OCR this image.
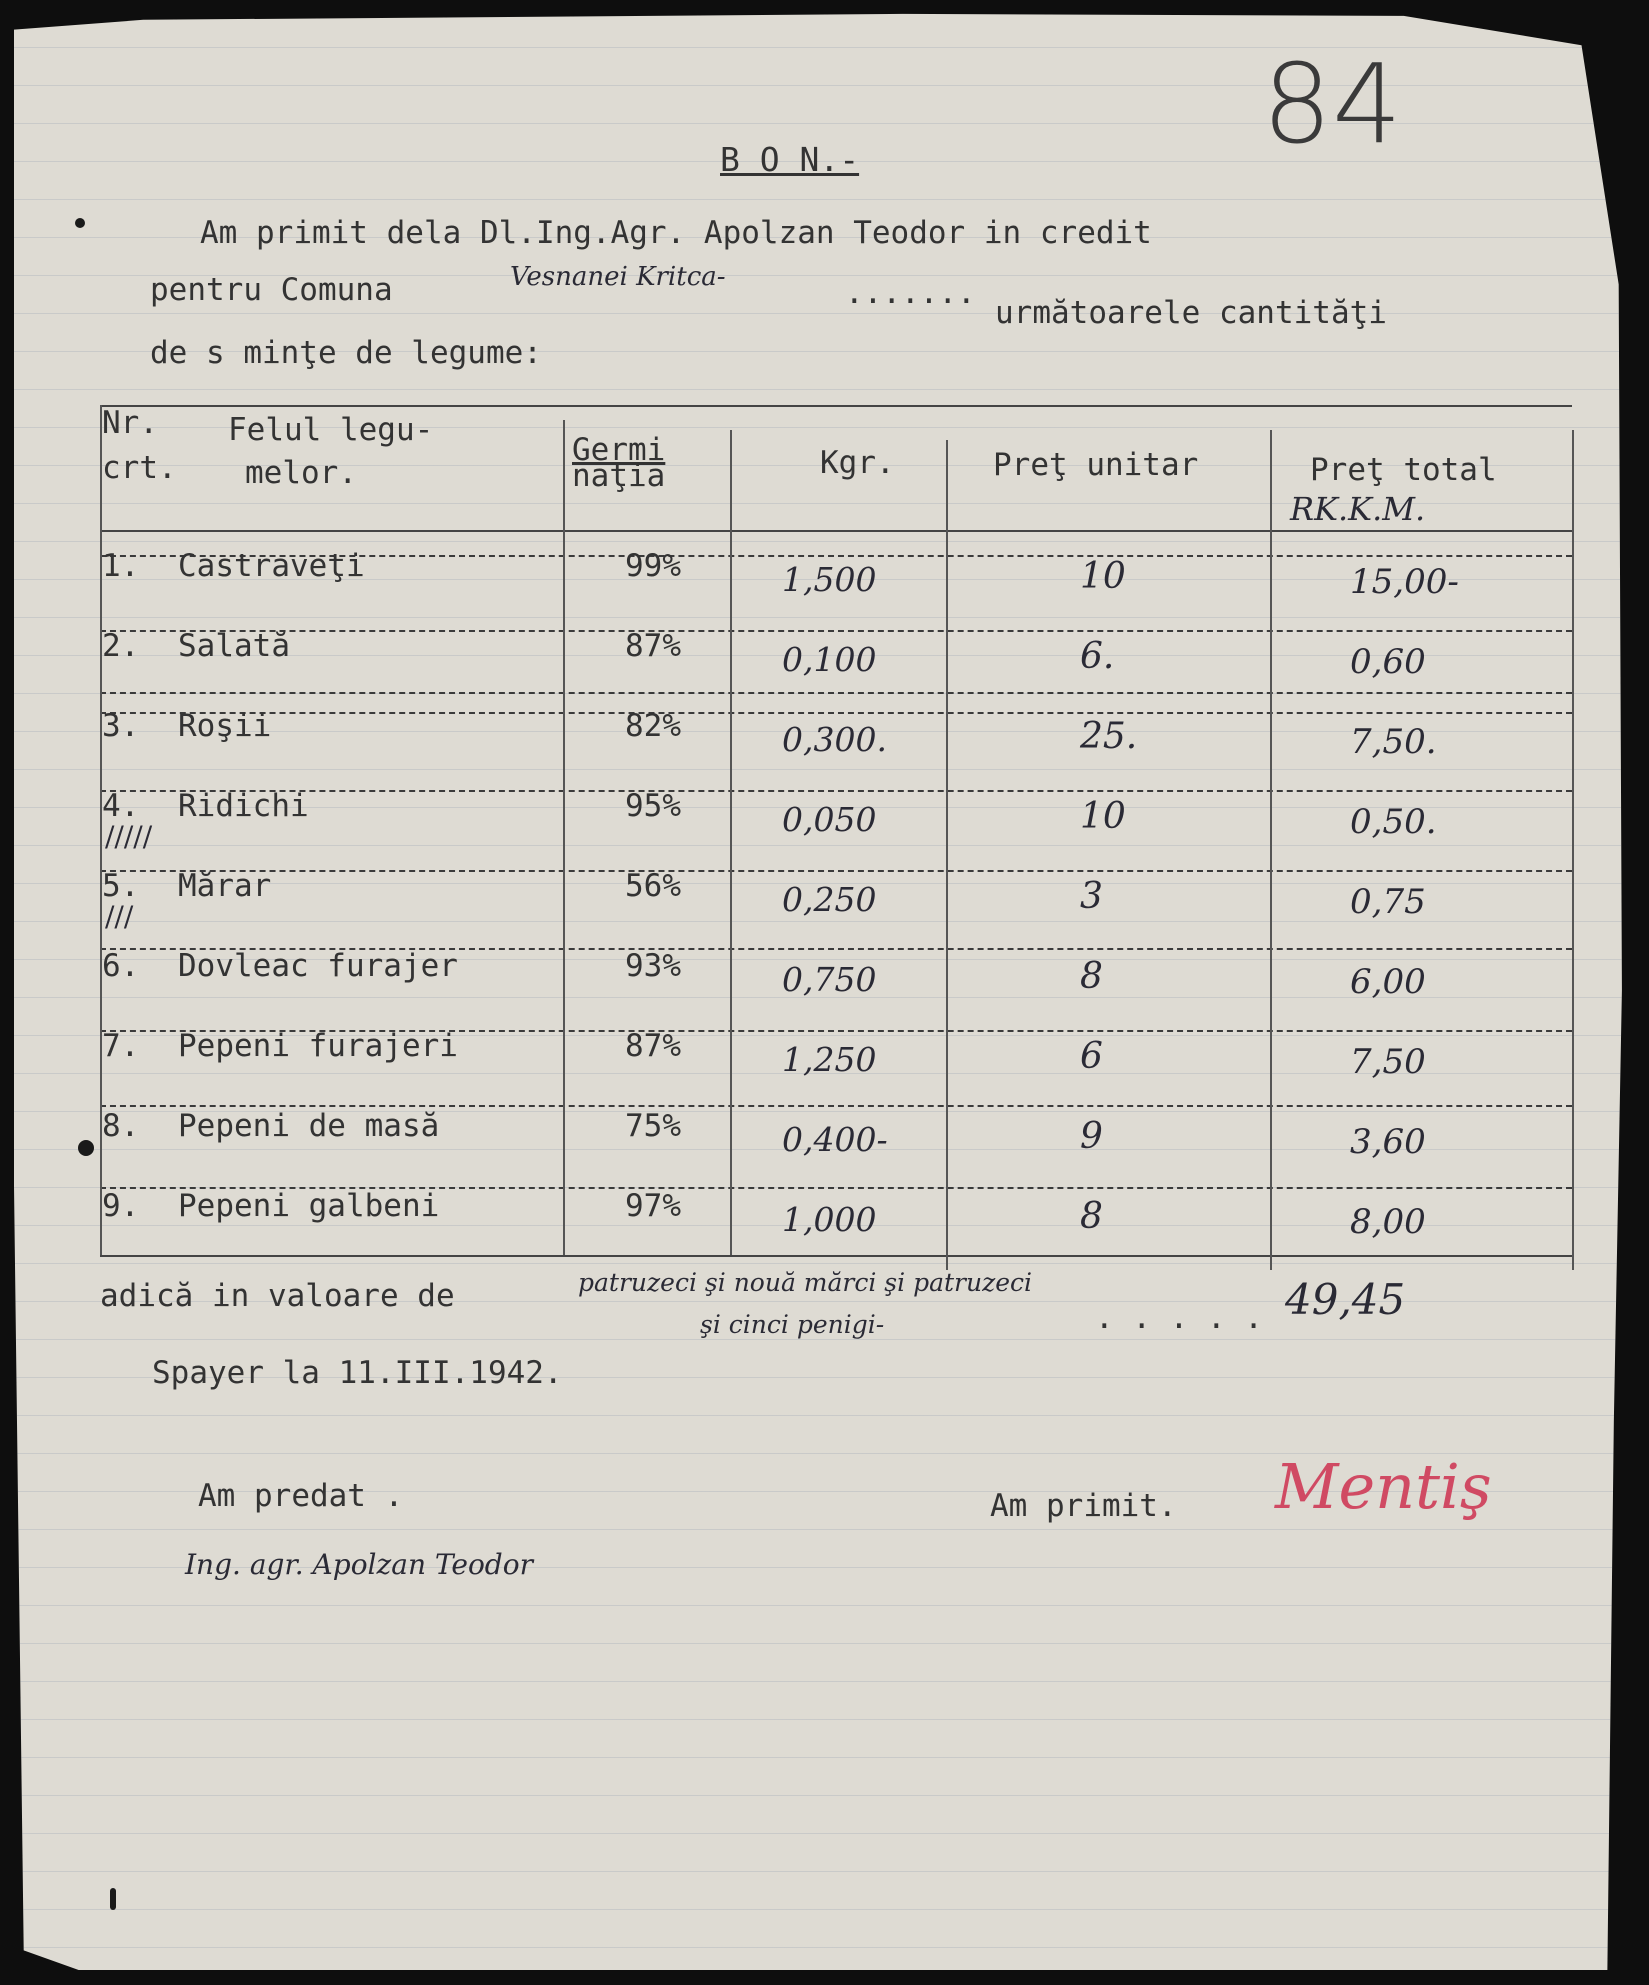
84
B O N.-
Am primit dela Dl.Ing.Agr. Apolzan Teodor in credit
pentru Comuna	Vesnanei Kritca-	.......
următoarele cantităţi
de s minţe de legume:
Nr.
crt.
Felul legu-
melor.
Germi
naţia	Kgr.	Preţ unitar	Preţ total
RK.K.M.
1. Castraveţi	99%	1,500	10	15,00-
2. Salată	87%	0,100	6.	0,60
3. Roşii	82%	0,300.	25.	7,50.
4. Ridichi	95%	0,050	10	0,50.
5. Mărar	56%	0,250	3	0,75
6. Dovleac furajer	93%	0,750	8	6,00
7. Pepeni furajeri	87%	1,250	6	7,50
8. Pepeni de masă	75%	0,400-	9	3,60
9. Pepeni galbeni	97%	1,000	8	8,00
/////
///
adică in valoare de	patruzeci şi nouă mărci şi patruzeci
şi cinci penigi-	. . . . . 49,45
Spayer la 11.III.1942.
Am predat .
Ing. agr. Apolzan Teodor
Am primit. Mentiş
